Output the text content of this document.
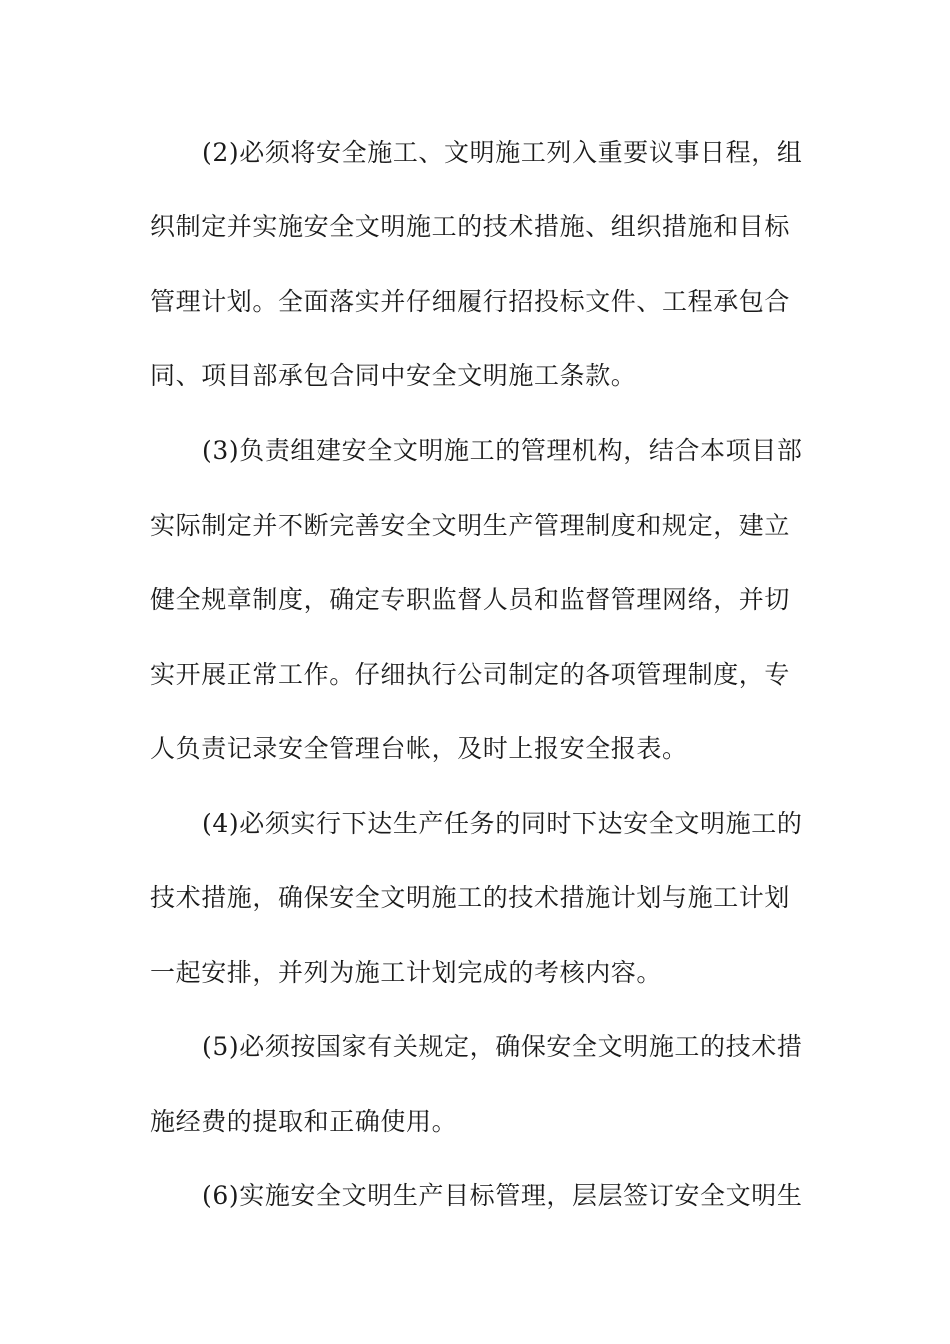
(2)必须将安全施工、文明施工列入重要议事日程，组
织制定并实施安全文明施工的技术措施、组织措施和目标
管理计划。全面落实并仔细履行招投标文件、工程承包合
同、项目部承包合同中安全文明施工条款。
(3)负责组建安全文明施工的管理机构，结合本项目部
实际制定并不断完善安全文明生产管理制度和规定，建立
健全规章制度，确定专职监督人员和监督管理网络，并切
实开展正常工作。仔细执行公司制定的各项管理制度，专
人负责记录安全管理台帐，及时上报安全报表。
(4)必须实行下达生产任务的同时下达安全文明施工的
技术措施，确保安全文明施工的技术措施计划与施工计划
一起安排，并列为施工计划完成的考核内容。
(5)必须按国家有关规定，确保安全文明施工的技术措
施经费的提取和正确使用。
(6)实施安全文明生产目标管理，层层签订安全文明生
